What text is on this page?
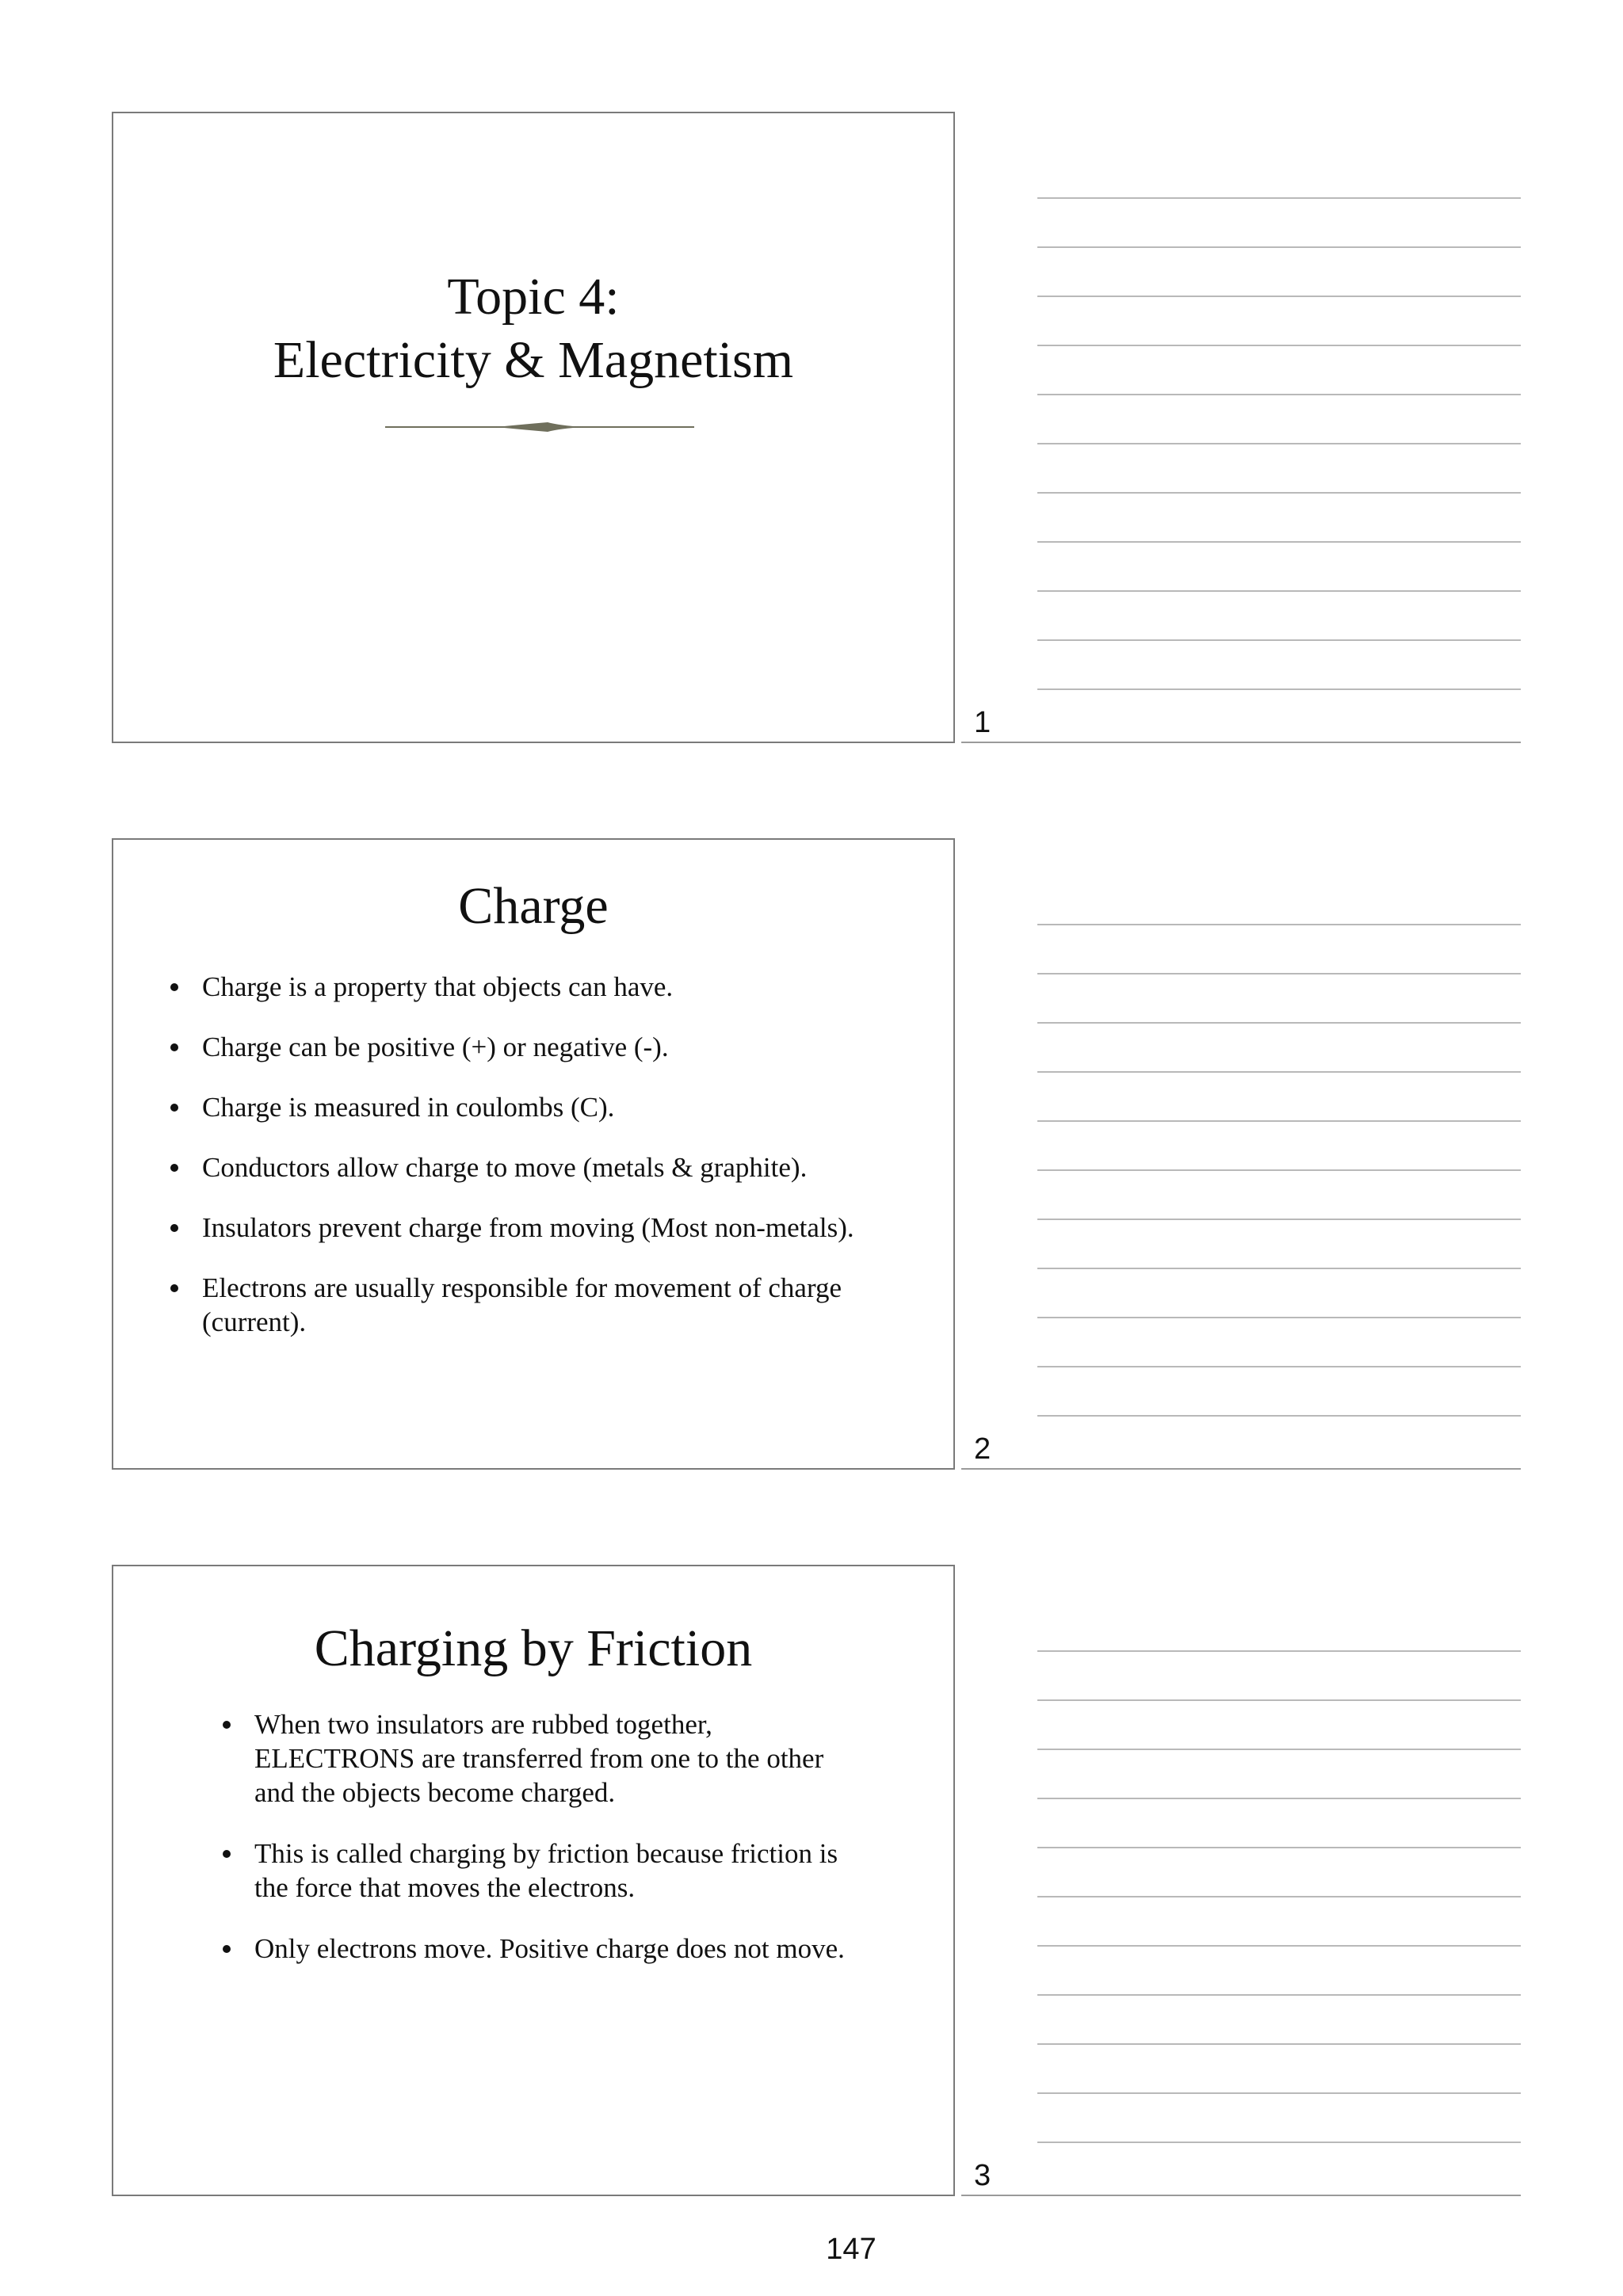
Topic 4:
Electricity & Magnetism
1
Charge
Charge is a property that objects can have.
Charge can be positive (+) or negative (-).
Charge is measured in coulombs (C).
Conductors allow charge to move (metals & graphite).
Insulators prevent charge from moving (Most non-metals).
Electrons are usually responsible for movement of charge (current).
2
Charging by Friction
When two insulators are rubbed together, ELECTRONS are transferred from one to the other and the objects become charged.
This is called charging by friction because friction is the force that moves the electrons.
Only electrons move. Positive charge does not move.
3
147
